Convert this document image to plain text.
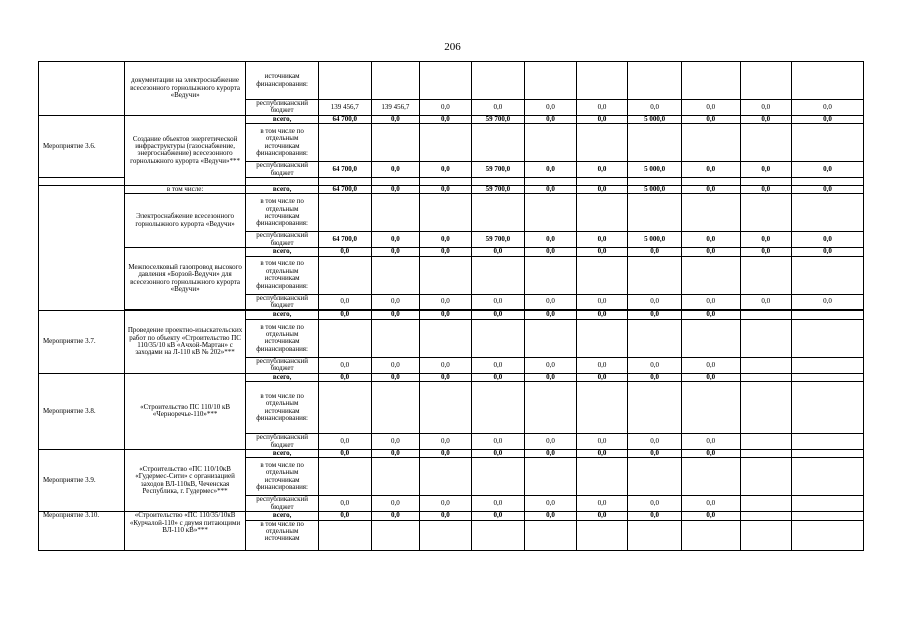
206
	документации на электроснабжение всесезонного горнолыжного курорта «Ведучи»	источникам финансирования:										
		республиканский бюджет	139 456,7	139 456,7	0,0	0,0	0,0	0,0	0,0	0,0	0,0	0,0
Мероприятие 3.6.	Создание объектов энергетической инфраструктуры (газоснабжение, энергоснабжение) всесезонного горнолыжного курорта «Ведучи»***	всего,	64 700,0	0,0	0,0	59 700,0	0,0	0,0	5 000,0	0,0	0,0	0,0
		в том числе по отдельным источникам финансирования:										
		республиканский бюджет	64 700,0	0,0	0,0	59 700,0	0,0	0,0	5 000,0	0,0	0,0	0,0

	в том числе:	всего,	64 700,0	0,0	0,0	59 700,0	0,0	0,0	5 000,0	0,0	0,0	0,0
	Электроснабжение всесезонного горнолыжного курорта «Ведучи»	в том числе по отдельным источникам финансирования:										
		республиканский бюджет	64 700,0	0,0	0,0	59 700,0	0,0	0,0	5 000,0	0,0	0,0	0,0
	Межпоселковый газопровод высокого давления «Борзой-Ведучи» для всесезонного горнолыжного курорта «Ведучи»	всего,	0,0	0,0	0,0	0,0	0,0	0,0	0,0	0,0	0,0	0,0
		в том числе по отдельным источникам финансирования:										
		республиканский бюджет	0,0	0,0	0,0	0,0	0,0	0,0	0,0	0,0	0,0	0,0

Мероприятие 3.7.	Проведение проектно-изыскательских работ по объекту «Строительство ПС 110/35/10 кВ «Ачхой-Мартан» с заходами на Л-110 кВ № 202»***	всего,	0,0	0,0	0,0	0,0	0,0	0,0	0,0	0,0		
		в том числе по отдельным источникам финансирования:										
		республиканский бюджет	0,0	0,0	0,0	0,0	0,0	0,0	0,0	0,0		
Мероприятие 3.8.	«Строительство ПС 110/10 кВ «Черноречье-110»***	всего,	0,0	0,0	0,0	0,0	0,0	0,0	0,0	0,0		
		в том числе по отдельным источникам финансирования:										
		республиканский бюджет	0,0	0,0	0,0	0,0	0,0	0,0	0,0	0,0		
Мероприятие 3.9.	«Строительство «ПС 110/10кВ «Гудермес-Сити» с организацией заходов ВЛ-110кВ, Чеченская Республика, г. Гудермес»***	всего,	0,0	0,0	0,0	0,0	0,0	0,0	0,0	0,0		
		в том числе по отдельным источникам финансирования:										
		республиканский бюджет	0,0	0,0	0,0	0,0	0,0	0,0	0,0	0,0		
Мероприятие 3.10.	«Строительство «ПС 110/35/10кВ «Курчалой-110» с двумя питающими ВЛ-110 кВ»***	всего,	0,0	0,0	0,0	0,0	0,0	0,0	0,0	0,0		
		в том числе по отдельным источникам										
